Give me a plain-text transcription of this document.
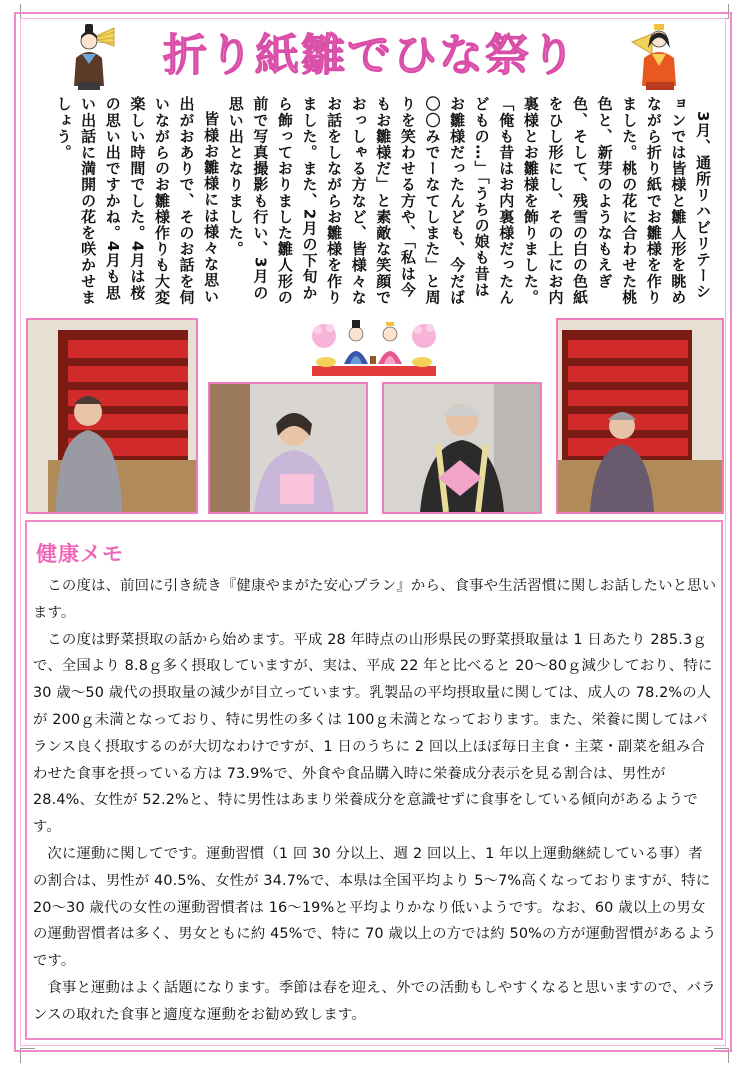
折り紙雛でひな祭り

3月、通所リハビリテーションでは皆様と雛人形を眺めながら折り紙でお雛様を作りました。桃の花に合わせた桃色と、新芽のようなもえぎ色、そして、残雪の白の色紙をひし形にし、その上にお内裏様とお雛様を飾りました。「俺も昔はお内裏様だったんどもの…」「うちの娘も昔はお雛様だったんども、今だば〇〇みでーなてしまた」と周りを笑わせる方や、「私は今もお雛様だ」と素敵な笑顔でおっしゃる方など、皆様々なお話をしながらお雛様を作りました。また、2月の下旬から飾っておりました雛人形の前で写真撮影も行い、3月の思い出となりました。

皆様お雛様には様々な思い出がおありで、そのお話を伺いながらのお雛様作りも大変楽しい時間でした。4月は桜の思い出ですかね。4月も思い出話に満開の花を咲かせましょう。

健康メモ

この度は、前回に引き続き『健康やまがた安心プラン』から、食事や生活習慣に関しお話したいと思います。

この度は野菜摂取の話から始めます。平成 28 年時点の山形県民の野菜摂取量は 1 日あたり 285.3ｇで、全国より 8.8ｇ多く摂取していますが、実は、平成 22 年と比べると 20～80ｇ減少しており、特に 30 歳～50 歳代の摂取量の減少が目立っています。乳製品の平均摂取量に関しては、成人の 78.2%の人が 200ｇ未満となっており、特に男性の多くは 100ｇ未満となっております。また、栄養に関してはバランス良く摂取するのが大切なわけですが、1 日のうちに 2 回以上ほぼ毎日主食・主菜・副菜を組み合わせた食事を摂っている方は 73.9%で、外食や食品購入時に栄養成分表示を見る割合は、男性が 28.4%、女性が 52.2%と、特に男性はあまり栄養成分を意識せずに食事をしている傾向があるようです。

次に運動に関してです。運動習慣（1 回 30 分以上、週 2 回以上、1 年以上運動継続している事）者の割合は、男性が 40.5%、女性が 34.7%で、本県は全国平均より 5～7%高くなっておりますが、特に 20～30 歳代の女性の運動習慣者は 16～19%と平均よりかなり低いようです。なお、60 歳以上の男女の運動習慣者は多く、男女ともに約 45%で、特に 70 歳以上の方では約 50%の方が運動習慣があるようです。

食事と運動はよく話題になります。季節は春を迎え、外での活動もしやすくなると思いますので、バランスの取れた食事と適度な運動をお勧め致します。
